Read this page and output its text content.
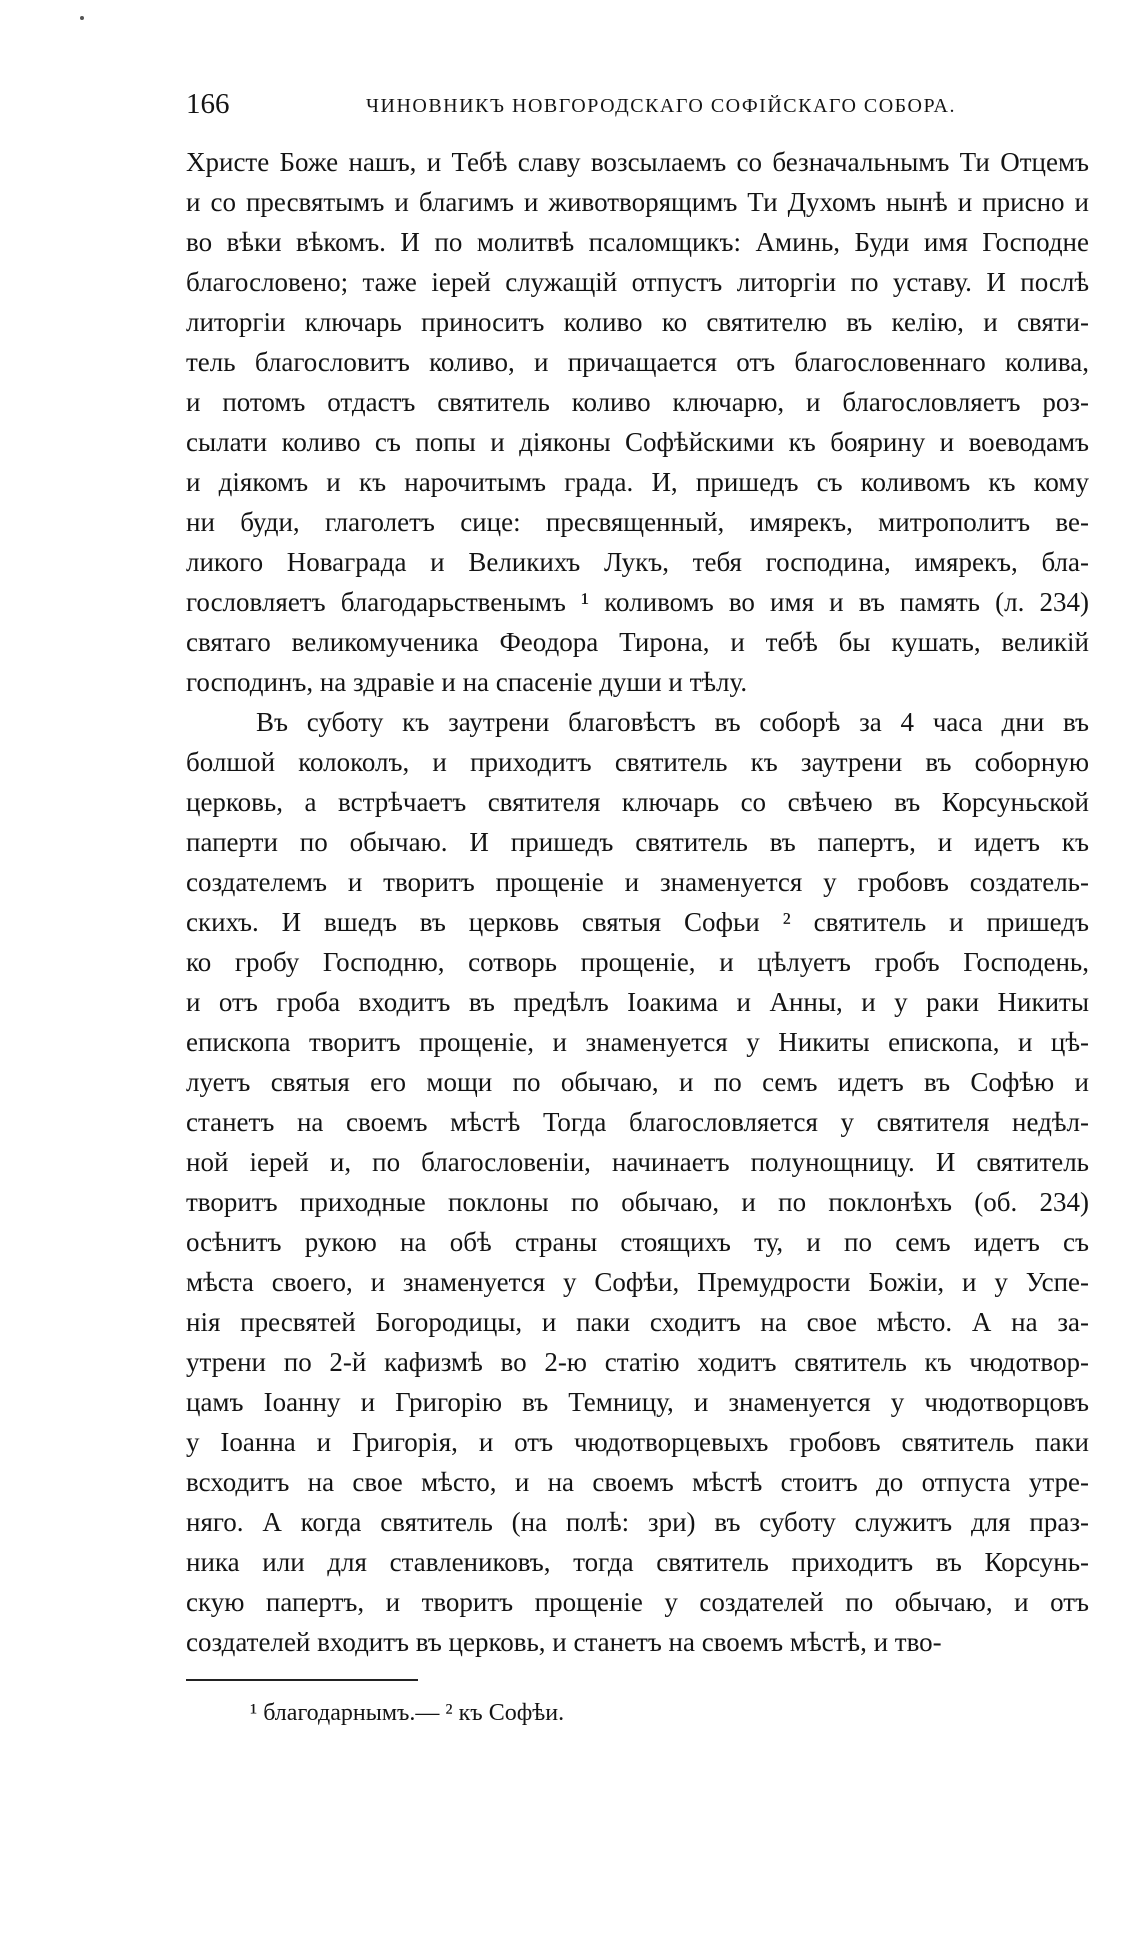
166	ЧИНОВНИКЪ НОВГОРОДСКАГО СОФІЙСКАГО СОБОРА.
Христе Боже нашъ, и Тебѣ славу возсылаемъ со безначальнымъ Ти Отцемъ
и со пресвятымъ и благимъ и животворящимъ Ти Духомъ нынѣ и присно и
во вѣки вѣкомъ. И по молитвѣ псаломщикъ: Аминь, Буди имя Господне
благословено; таже іерей служащій отпустъ литоргіи по уставу. И послѣ
литоргіи ключарь приноситъ коливо ко святителю въ келію, и святи-
тель благословитъ коливо, и причащается отъ благословеннаго колива,
и потомъ отдастъ святитель коливо ключарю, и благословляетъ роз-
сылати коливо съ попы и діяконы Софѣйскими къ боярину и воеводамъ
и діякомъ и къ нарочитымъ града. И, пришедъ съ коливомъ къ кому
ни буди, глаголетъ сице: пресвященный, имярекъ, митрополитъ ве-
ликого Новаграда и Великихъ Лукъ, тебя господина, имярекъ, бла-
гословляетъ благодарьственымъ ¹ коливомъ во имя и въ память (л. 234)
святаго великомученика Феодора Тирона, и тебѣ бы кушать, великій
господинъ, на здравіе и на спасеніе души и тѣлу.
Въ суботу къ заутрени благовѣстъ въ соборѣ за 4 часа дни въ
болшой колоколъ, и приходитъ святитель къ заутрени въ соборную
церковь, а встрѣчаетъ святителя ключарь со свѣчею въ Корсуньской
паперти по обычаю. И пришедъ святитель въ папертъ, и идетъ къ
создателемъ и творитъ прощеніе и знаменуется у гробовъ создатель-
скихъ. И вшедъ въ церковь святыя Софьи ² святитель и пришедъ
ко гробу Господню, сотворь прощеніе, и цѣлуетъ гробъ Господень,
и отъ гроба входитъ въ предѣлъ Іоакима и Анны, и у раки Никиты
епископа творитъ прощеніе, и знаменуется у Никиты епископа, и цѣ-
луетъ святыя его мощи по обычаю, и по семъ идетъ въ Софѣю и
станетъ на своемъ мѣстѣ Тогда благословляется у святителя недѣл-
ной іерей и, по благословеніи, начинаетъ полунощницу. И святитель
творитъ приходные поклоны по обычаю, и по поклонѣхъ (об. 234)
осѣнитъ рукою на обѣ страны стоящихъ ту, и по семъ идетъ съ
мѣста своего, и знаменуется у Софѣи, Премудрости Божіи, и у Успе-
нія пресвятей Богородицы, и паки сходитъ на свое мѣсто. А на за-
утрени по 2-й кафизмѣ во 2-ю статію ходитъ святитель къ чюдотвор-
цамъ Іоанну и Григорію въ Темницу, и знаменуется у чюдотворцовъ
у Іоанна и Григорія, и отъ чюдотворцевыхъ гробовъ святитель паки
всходитъ на свое мѣсто, и на своемъ мѣстѣ стоитъ до отпуста утре-
няго. А когда святитель (на полѣ: зри) въ суботу служитъ для праз-
ника или для ставлениковъ, тогда святитель приходитъ въ Корсунь-
скую папертъ, и творитъ прощеніе у создателей по обычаю, и отъ
создателей входитъ въ церковь, и станетъ на своемъ мѣстѣ, и тво-
¹ благодарнымъ.— ² къ Софѣи.
